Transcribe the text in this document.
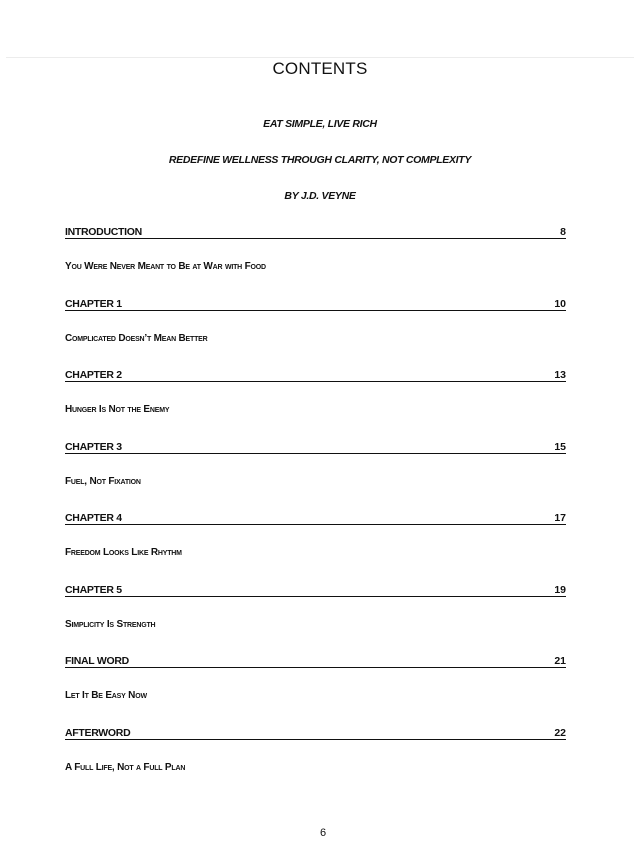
CONTENTS
EAT SIMPLE, LIVE RICH
REDEFINE WELLNESS THROUGH CLARITY, NOT COMPLEXITY
BY J.D. VEYNE
INTRODUCTION	8
You Were Never Meant to Be at War with Food
CHAPTER 1	10
Complicated Doesn’t Mean Better
CHAPTER 2	13
Hunger Is Not the Enemy
CHAPTER 3	15
Fuel, Not Fixation
CHAPTER 4	17
Freedom Looks Like Rhythm
CHAPTER 5	19
Simplicity Is Strength
FINAL WORD	21
Let It Be Easy Now
AFTERWORD	22
A Full Life, Not a Full Plan
6
